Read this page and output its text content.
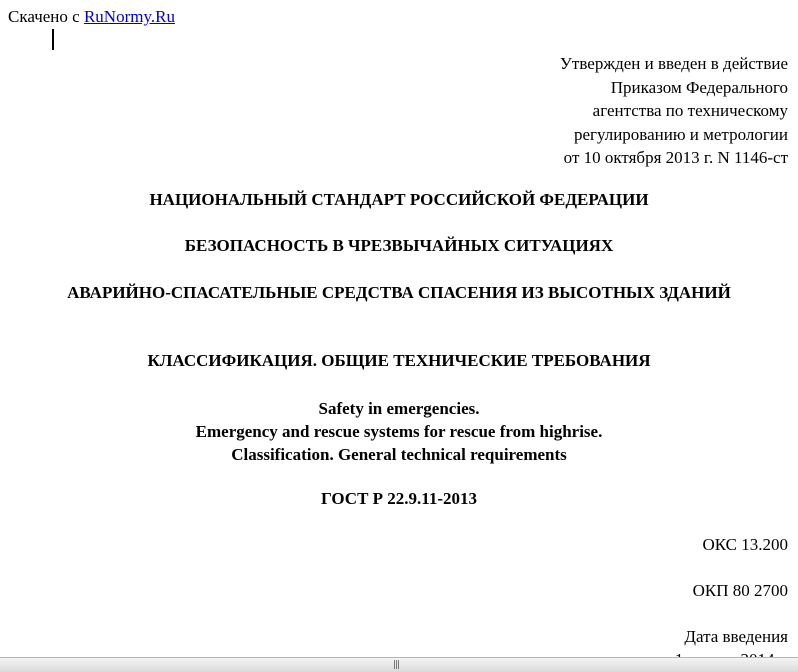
Скачено с RuNormy.Ru
Утвержден и введен в действие
Приказом Федерального
агентства по техническому
регулированию и метрологии
от 10 октября 2013 г. N 1146-ст
НАЦИОНАЛЬНЫЙ СТАНДАРТ РОССИЙСКОЙ ФЕДЕРАЦИИ
БЕЗОПАСНОСТЬ В ЧРЕЗВЫЧАЙНЫХ СИТУАЦИЯХ
АВАРИЙНО-СПАСАТЕЛЬНЫЕ СРЕДСТВА СПАСЕНИЯ ИЗ ВЫСОТНЫХ ЗДАНИЙ
КЛАССИФИКАЦИЯ. ОБЩИЕ ТЕХНИЧЕСКИЕ ТРЕБОВАНИЯ
Safety in emergencies.
Emergency and rescue systems for rescue from highrise.
Classification. General technical requirements
ГОСТ Р 22.9.11-2013
ОКС 13.200
ОКП 80 2700
Дата введения
|||
